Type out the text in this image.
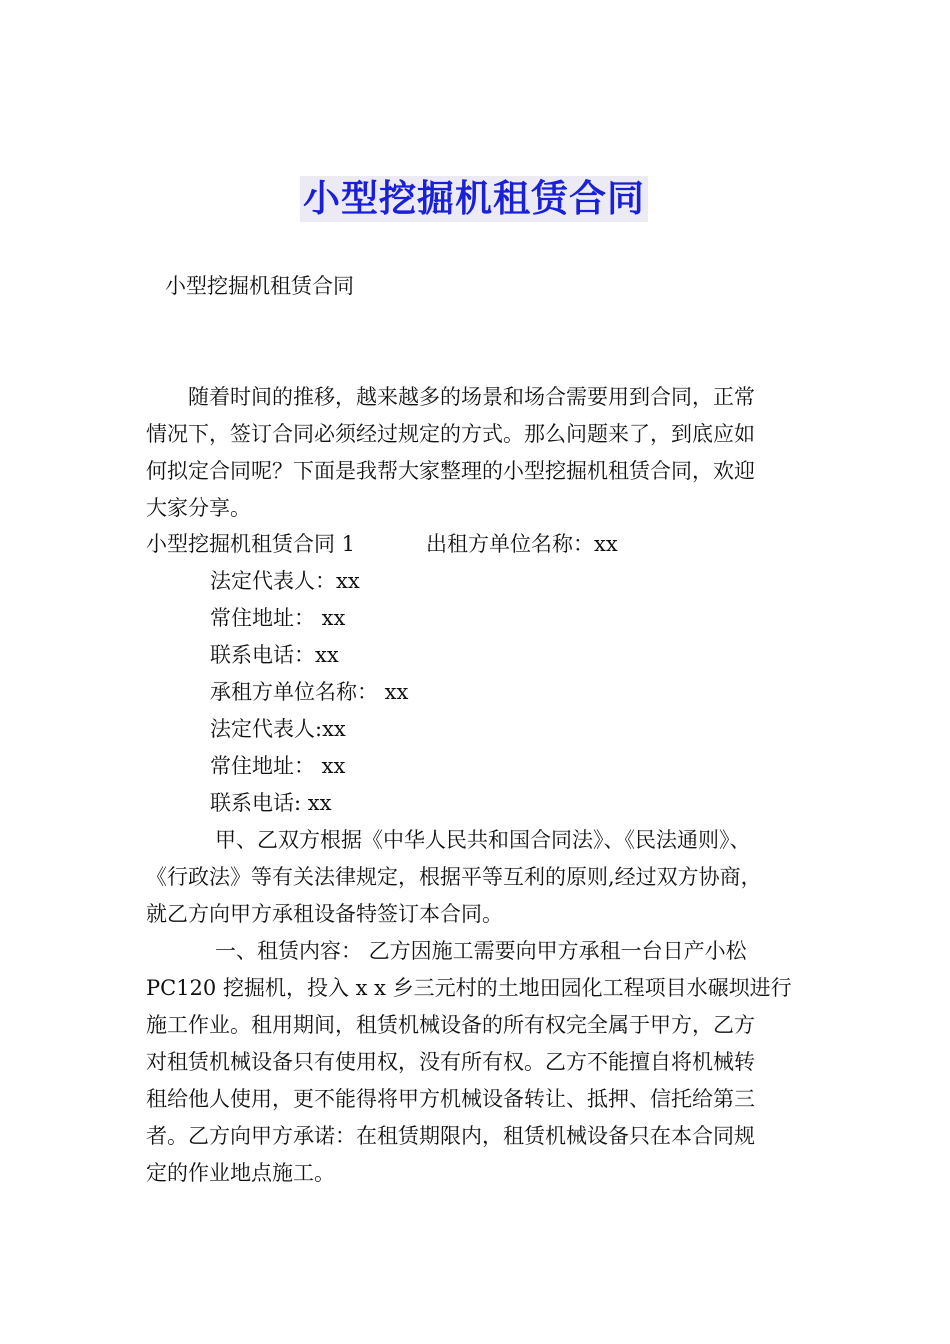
小型挖掘机租赁合同
小型挖掘机租赁合同
随着时间的推移，越来越多的场景和场合需要用到合同，正常
情况下，签订合同必须经过规定的方式。那么问题来了，到底应如
何拟定合同呢？下面是我帮大家整理的小型挖掘机租赁合同，欢迎
大家分享。
小型挖掘机租赁合同 1	出租方单位名称：xx
法定代表人：xx
常住地址： xx
联系电话：xx
承租方单位名称： xx
法定代表人:xx
常住地址： xx
联系电话: xx
甲、乙双方根据《中华人民共和国合同法》、《民法通则》、
《行政法》等有关法律规定，根据平等互利的原则,经过双方协商，
就乙方向甲方承租设备特签订本合同。
一、租赁内容： 乙方因施工需要向甲方承租一台日产小松
PC120 挖掘机，投入 x x 乡三元村的土地田园化工程项目水碾坝进行
施工作业。租用期间，租赁机械设备的所有权完全属于甲方，乙方
对租赁机械设备只有使用权，没有所有权。乙方不能擅自将机械转
租给他人使用，更不能得将甲方机械设备转让、抵押、信托给第三
者。乙方向甲方承诺：在租赁期限内，租赁机械设备只在本合同规
定的作业地点施工。
